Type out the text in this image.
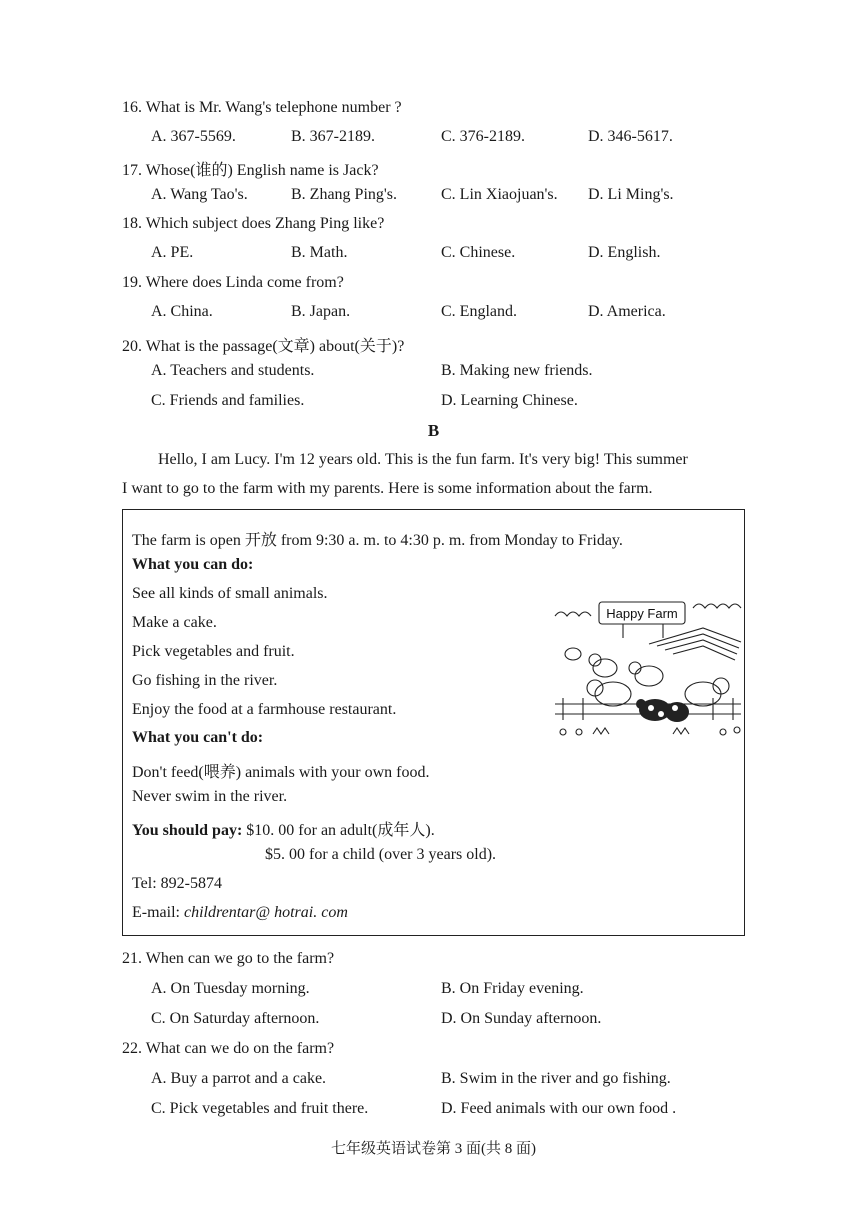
16. What is Mr. Wang's telephone number ?
A. 367-5569.	B. 367-2189.	C. 376-2189.	D. 346-5617.
17. Whose(谁的) English name is Jack?
A. Wang Tao's.	B. Zhang Ping's.	C. Lin Xiaojuan's. D. Li Ming's.
18. Which subject does Zhang Ping like?
A. PE.	B. Math.	C. Chinese.	D. English.
19. Where does Linda come from?
A. China.	B. Japan.	C. England.	D. America.
20. What is the passage(文章) about(关于)?
A. Teachers and students.	B. Making new friends.
C. Friends and families.	D. Learning Chinese.
B
Hello, I am Lucy. I'm 12 years old. This is the fun farm. It's very big! This summer
I want to go to the farm with my parents. Here is some information about the farm.
The farm is open 开放 from 9:30 a. m. to 4:30 p. m. from Monday to Friday.
What you can do:
See all kinds of small animals.
Make a cake.
Pick vegetables and fruit.
Go fishing in the river.
Enjoy the food at a farmhouse restaurant.
What you can't do:
Don't feed(喂养) animals with your own food.
Never swim in the river.
You should pay: $10. 00 for an adult(成年人).
$5. 00 for a child (over 3 years old).
Tel: 892-5874
E-mail: childrentar@ hotrai. com
Happy Farm
21. When can we go to the farm?
A. On Tuesday morning.	B. On Friday evening.
C. On Saturday afternoon.	D. On Sunday afternoon.
22. What can we do on the farm?
A. Buy a parrot and a cake.	B. Swim in the river and go fishing.
C. Pick vegetables and fruit there.	D. Feed animals with our own food .
七年级英语试卷第 3 面(共 8 面)
